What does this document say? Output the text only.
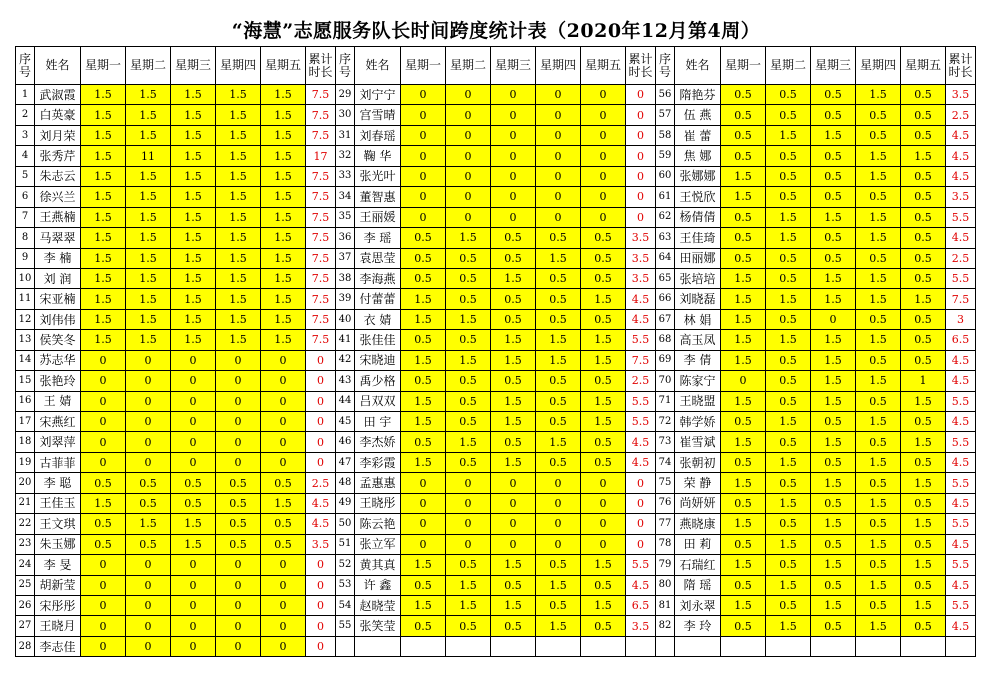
“海慧”志愿服务队长时间跨度统计表（2020年12月第4周）
序号	姓名	星期一	星期二	星期三	星期四	星期五	累计时长	序号	姓名	星期一	星期二	星期三	星期四	星期五	累计时长	序号	姓名	星期一	星期二	星期三	星期四	星期五	累计时长
1	武淑霞	1.5	1.5	1.5	1.5	1.5	7.5	29	刘宁宁	0	0	0	0	0	0	56	隋艳芬	0.5	0.5	0.5	1.5	0.5	3.5
2	白英豪	1.5	1.5	1.5	1.5	1.5	7.5	30	宫雪晴	0	0	0	0	0	0	57	伍 燕	0.5	0.5	0.5	0.5	0.5	2.5
3	刘月荣	1.5	1.5	1.5	1.5	1.5	7.5	31	刘春瑶	0	0	0	0	0	0	58	崔 蕾	0.5	1.5	1.5	0.5	0.5	4.5
4	张秀芹	1.5	11	1.5	1.5	1.5	17	32	鞠 华	0	0	0	0	0	0	59	焦 娜	0.5	0.5	0.5	1.5	1.5	4.5
5	朱志云	1.5	1.5	1.5	1.5	1.5	7.5	33	张光叶	0	0	0	0	0	0	60	张娜娜	1.5	0.5	0.5	1.5	0.5	4.5
6	徐兴兰	1.5	1.5	1.5	1.5	1.5	7.5	34	董智惠	0	0	0	0	0	0	61	王悦欣	1.5	0.5	0.5	0.5	0.5	3.5
7	王燕楠	1.5	1.5	1.5	1.5	1.5	7.5	35	王丽媛	0	0	0	0	0	0	62	杨倩倩	0.5	1.5	1.5	1.5	0.5	5.5
8	马翠翠	1.5	1.5	1.5	1.5	1.5	7.5	36	李 瑶	0.5	1.5	0.5	0.5	0.5	3.5	63	王佳琦	0.5	1.5	0.5	1.5	0.5	4.5
9	李 楠	1.5	1.5	1.5	1.5	1.5	7.5	37	袁思莹	0.5	0.5	0.5	1.5	0.5	3.5	64	田丽娜	0.5	0.5	0.5	0.5	0.5	2.5
10	刘 润	1.5	1.5	1.5	1.5	1.5	7.5	38	李海燕	0.5	0.5	1.5	0.5	0.5	3.5	65	张培培	1.5	0.5	1.5	1.5	0.5	5.5
11	宋亚楠	1.5	1.5	1.5	1.5	1.5	7.5	39	付蕾蕾	1.5	0.5	0.5	0.5	1.5	4.5	66	刘晓磊	1.5	1.5	1.5	1.5	1.5	7.5
12	刘伟伟	1.5	1.5	1.5	1.5	1.5	7.5	40	衣 婧	1.5	1.5	0.5	0.5	0.5	4.5	67	林 娟	1.5	0.5	0	0.5	0.5	3
13	侯笑冬	1.5	1.5	1.5	1.5	1.5	7.5	41	张佳佳	0.5	0.5	1.5	1.5	1.5	5.5	68	高玉凤	1.5	1.5	1.5	1.5	0.5	6.5
14	苏志华	0	0	0	0	0	0	42	宋晓迪	1.5	1.5	1.5	1.5	1.5	7.5	69	李 倩	1.5	0.5	1.5	0.5	0.5	4.5
15	张艳玲	0	0	0	0	0	0	43	禹少格	0.5	0.5	0.5	0.5	0.5	2.5	70	陈家宁	0	0.5	1.5	1.5	1	4.5
16	王 婧	0	0	0	0	0	0	44	吕双双	1.5	0.5	1.5	0.5	1.5	5.5	71	王晓盟	1.5	0.5	1.5	0.5	1.5	5.5
17	宋燕红	0	0	0	0	0	0	45	田 宇	1.5	0.5	1.5	0.5	1.5	5.5	72	韩学娇	0.5	1.5	0.5	1.5	0.5	4.5
18	刘翠萍	0	0	0	0	0	0	46	李杰娇	0.5	1.5	0.5	1.5	0.5	4.5	73	崔雪斌	1.5	0.5	1.5	0.5	1.5	5.5
19	古菲菲	0	0	0	0	0	0	47	李彩霞	1.5	0.5	1.5	0.5	0.5	4.5	74	张朝初	0.5	1.5	0.5	1.5	0.5	4.5
20	李 聪	0.5	0.5	0.5	0.5	0.5	2.5	48	孟惠惠	0	0	0	0	0	0	75	荣 静	1.5	0.5	1.5	0.5	1.5	5.5
21	王佳玉	1.5	0.5	0.5	0.5	1.5	4.5	49	王晓彤	0	0	0	0	0	0	76	尚妍妍	0.5	1.5	0.5	1.5	0.5	4.5
22	王文琪	0.5	1.5	1.5	0.5	0.5	4.5	50	陈云艳	0	0	0	0	0	0	77	燕晓康	1.5	0.5	1.5	0.5	1.5	5.5
23	朱玉娜	0.5	0.5	1.5	0.5	0.5	3.5	51	张立军	0	0	0	0	0	0	78	田 莉	0.5	1.5	0.5	1.5	0.5	4.5
24	李 旻	0	0	0	0	0	0	52	黄其真	1.5	0.5	1.5	0.5	1.5	5.5	79	石瑞红	1.5	0.5	1.5	0.5	1.5	5.5
25	胡新莹	0	0	0	0	0	0	53	许 鑫	0.5	1.5	0.5	1.5	0.5	4.5	80	隋 瑶	0.5	1.5	0.5	1.5	0.5	4.5
26	宋彤彤	0	0	0	0	0	0	54	赵晓莹	1.5	1.5	1.5	0.5	1.5	6.5	81	刘永翠	1.5	0.5	1.5	0.5	1.5	5.5
27	王晓月	0	0	0	0	0	0	55	张笑莹	0.5	0.5	0.5	1.5	0.5	3.5	82	李 玲	0.5	1.5	0.5	1.5	0.5	4.5
28	李志佳	0	0	0	0	0	0																
